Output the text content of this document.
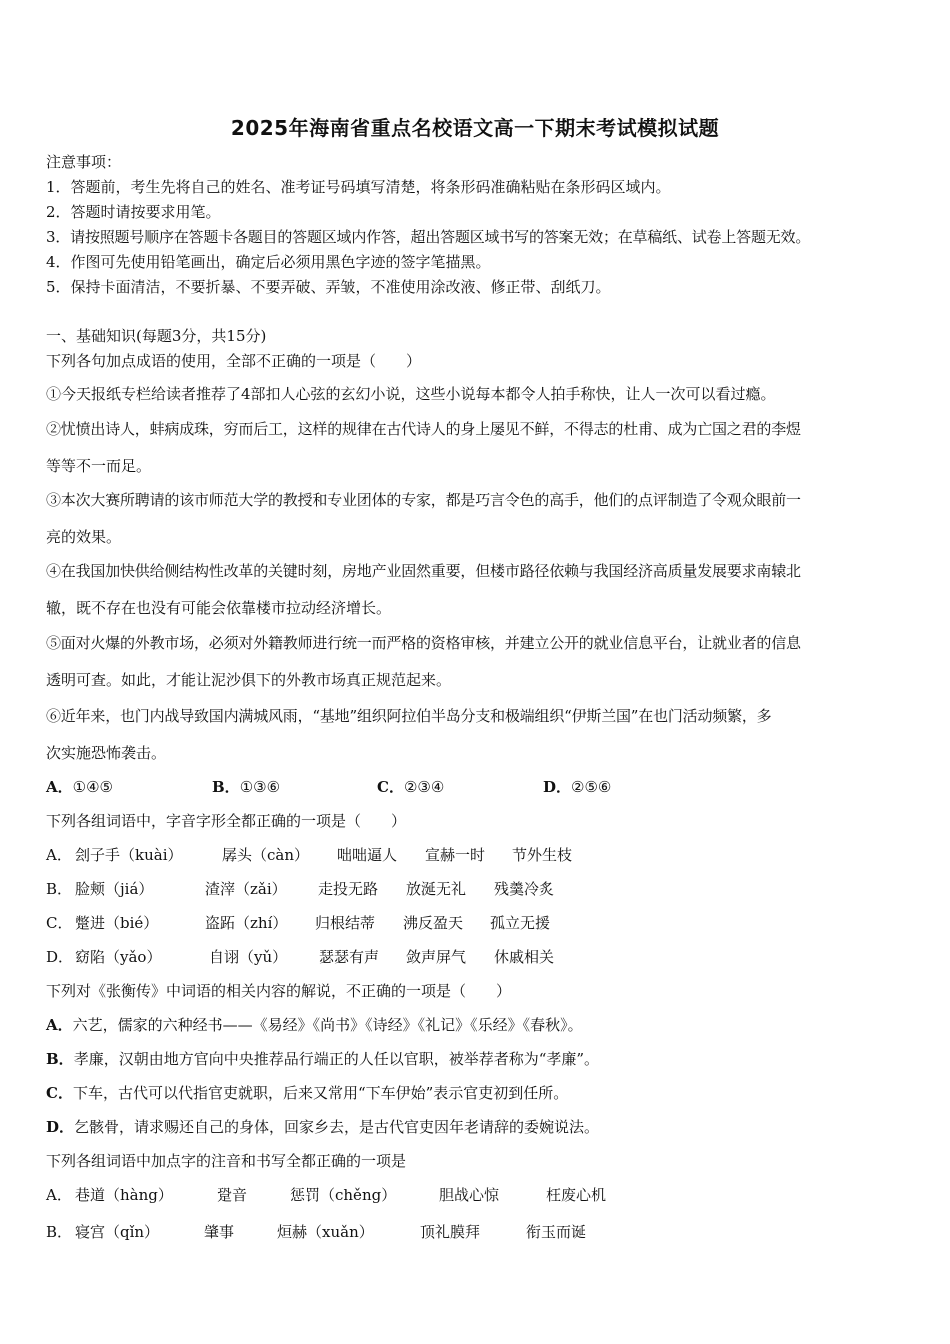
2025年海南省重点名校语文高一下期末考试模拟试题
注意事项：
1．答题前，考生先将自己的姓名、准考证号码填写清楚，将条形码准确粘贴在条形码区域内。
2．答题时请按要求用笔。
3．请按照题号顺序在答题卡各题目的答题区域内作答，超出答题区域书写的答案无效；在草稿纸、试卷上答题无效。
4．作图可先使用铅笔画出，确定后必须用黑色字迹的签字笔描黑。
5．保持卡面清洁，不要折暴、不要弄破、弄皱，不准使用涂改液、修正带、刮纸刀。
一、基础知识(每题3分，共15分)
下列各句加点成语的使用，全部不正确的一项是（　　）
①今天报纸专栏给读者推荐了4部扣人心弦的玄幻小说，这些小说每本都令人拍手称快，让人一次可以看过瘾。
②忧愤出诗人，蚌病成珠，穷而后工，这样的规律在古代诗人的身上屡见不鲜，不得志的杜甫、成为亡国之君的李煜
等等不一而足。
③本次大赛所聘请的该市师范大学的教授和专业团体的专家，都是巧言令色的高手，他们的点评制造了令观众眼前一
亮的效果。
④在我国加快供给侧结构性改革的关键时刻，房地产业固然重要，但楼市路径依赖与我国经济高质量发展要求南辕北
辙，既不存在也没有可能会依靠楼市拉动经济增长。
⑤面对火爆的外教市场，必须对外籍教师进行统一而严格的资格审核，并建立公开的就业信息平台，让就业者的信息
透明可查。如此，才能让泥沙俱下的外教市场真正规范起来。
⑥近年来，也门内战导致国内满城风雨，“基地”组织阿拉伯半岛分支和极端组织“伊斯兰国”在也门活动频繁，多
次实施恐怖袭击。
A．①④⑤	B．①③⑥	C．②③④	D．②⑤⑥
下列各组词语中，字音字形全都正确的一项是（　　）
A． 刽子手（kuài）	孱头（càn） 咄咄逼人 宣赫一时 节外生枝
B． 脸颊（jiá）	渣滓（zǎi） 走投无路 放涎无礼 残羹冷炙
C． 蹩进（bié）	盗跖（zhí） 归根结蒂 沸反盈天 孤立无援
D． 窈陷（yǎo）	自诩（yǔ） 瑟瑟有声 敛声屏气 休戚相关
下列对《张衡传》中词语的相关内容的解说，不正确的一项是（　　）
A．六艺，儒家的六种经书——《易经》《尚书》《诗经》《礼记》《乐经》《春秋》。
B．孝廉，汉朝由地方官向中央推荐品行端正的人任以官职，被举荐者称为“孝廉”。
C．下车，古代可以代指官吏就职，后来又常用“下车伊始”表示官吏初到任所。
D．乞骸骨，请求赐还自己的身体，回家乡去，是古代官吏因年老请辞的委婉说法。
下列各组词语中加点字的注音和书写全都正确的一项是
A． 巷道（hàng）	跫音	惩罚（chěng）	胆战心惊	枉废心机
B． 寝宫（qǐn）	肇事	烜赫（xuǎn）	顶礼膜拜	衔玉而诞
